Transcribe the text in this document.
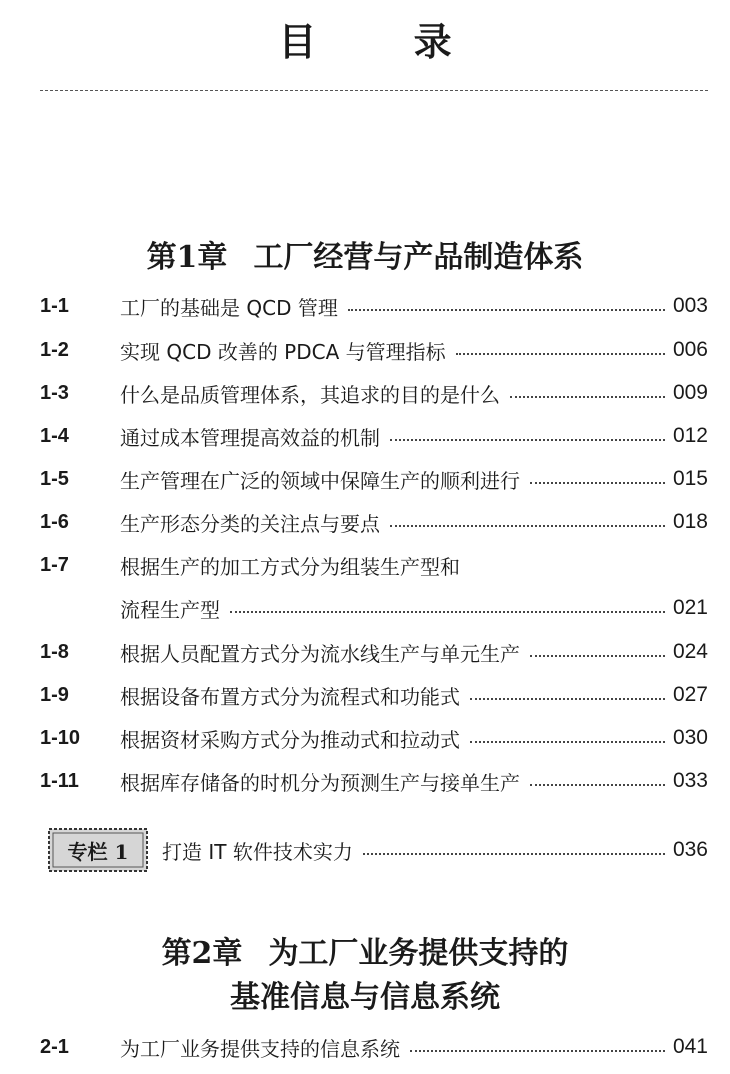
目 录
第1章 工厂经营与产品制造体系
1-1	工厂的基础是 QCD 管理	003
1-2	实现 QCD 改善的 PDCA 与管理指标	006
1-3	什么是品质管理体系，其追求的目的是什么	009
1-4	通过成本管理提高效益的机制	012
1-5	生产管理在广泛的领域中保障生产的顺利进行	015
1-6	生产形态分类的关注点与要点	018
1-7	根据生产的加工方式分为组装生产型和
流程生产型	021
1-8	根据人员配置方式分为流水线生产与单元生产	024
1-9	根据设备布置方式分为流程式和功能式	027
1-10	根据资材采购方式分为推动式和拉动式	030
1-11	根据库存储备的时机分为预测生产与接单生产	033
专栏 1 打造 IT 软件技术实力	036
第2章 为工厂业务提供支持的
基准信息与信息系统
2-1	为工厂业务提供支持的信息系统	041
